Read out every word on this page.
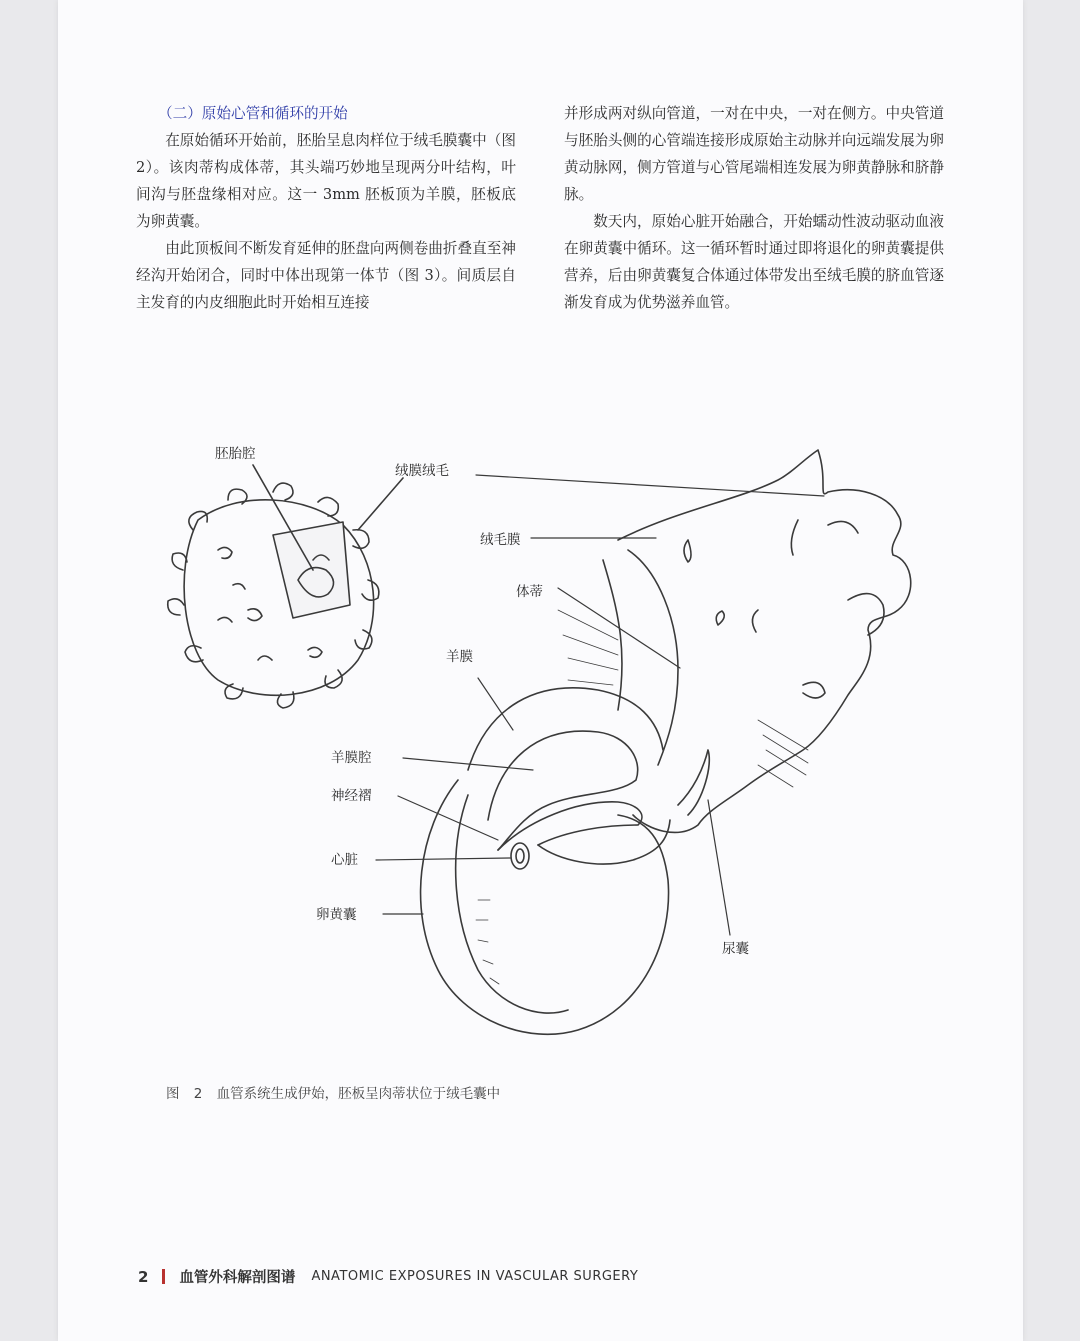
（二）原始心管和循环的开始

在原始循环开始前，胚胎呈息肉样位于绒毛膜囊中（图 2）。该肉蒂构成体蒂，其头端巧妙地呈现两分叶结构，叶间沟与胚盘缘相对应。这一 3mm 胚板顶为羊膜，胚板底为卵黄囊。

由此顶板间不断发育延伸的胚盘向两侧卷曲折叠直至神经沟开始闭合，同时中体出现第一体节（图 3）。间质层自主发育的内皮细胞此时开始相互连接

并形成两对纵向管道，一对在中央，一对在侧方。中央管道与胚胎头侧的心管端连接形成原始主动脉并向远端发展为卵黄动脉网，侧方管道与心管尾端相连发展为卵黄静脉和脐静脉。

数天内，原始心脏开始融合，开始蠕动性波动驱动血液在卵黄囊中循环。这一循环暂时通过即将退化的卵黄囊提供营养，后由卵黄囊复合体通过体带发出至绒毛膜的脐血管逐渐发育成为优势滋养血管。

胚胎腔
绒膜绒毛
绒毛膜
体蒂
羊膜
羊膜腔
神经褶
心脏
卵黄囊
尿囊
图 2 血管系统生成伊始，胚板呈肉蒂状位于绒毛囊中
2 血管外科解剖图谱 ANATOMIC EXPOSURES IN VASCULAR SURGERY
